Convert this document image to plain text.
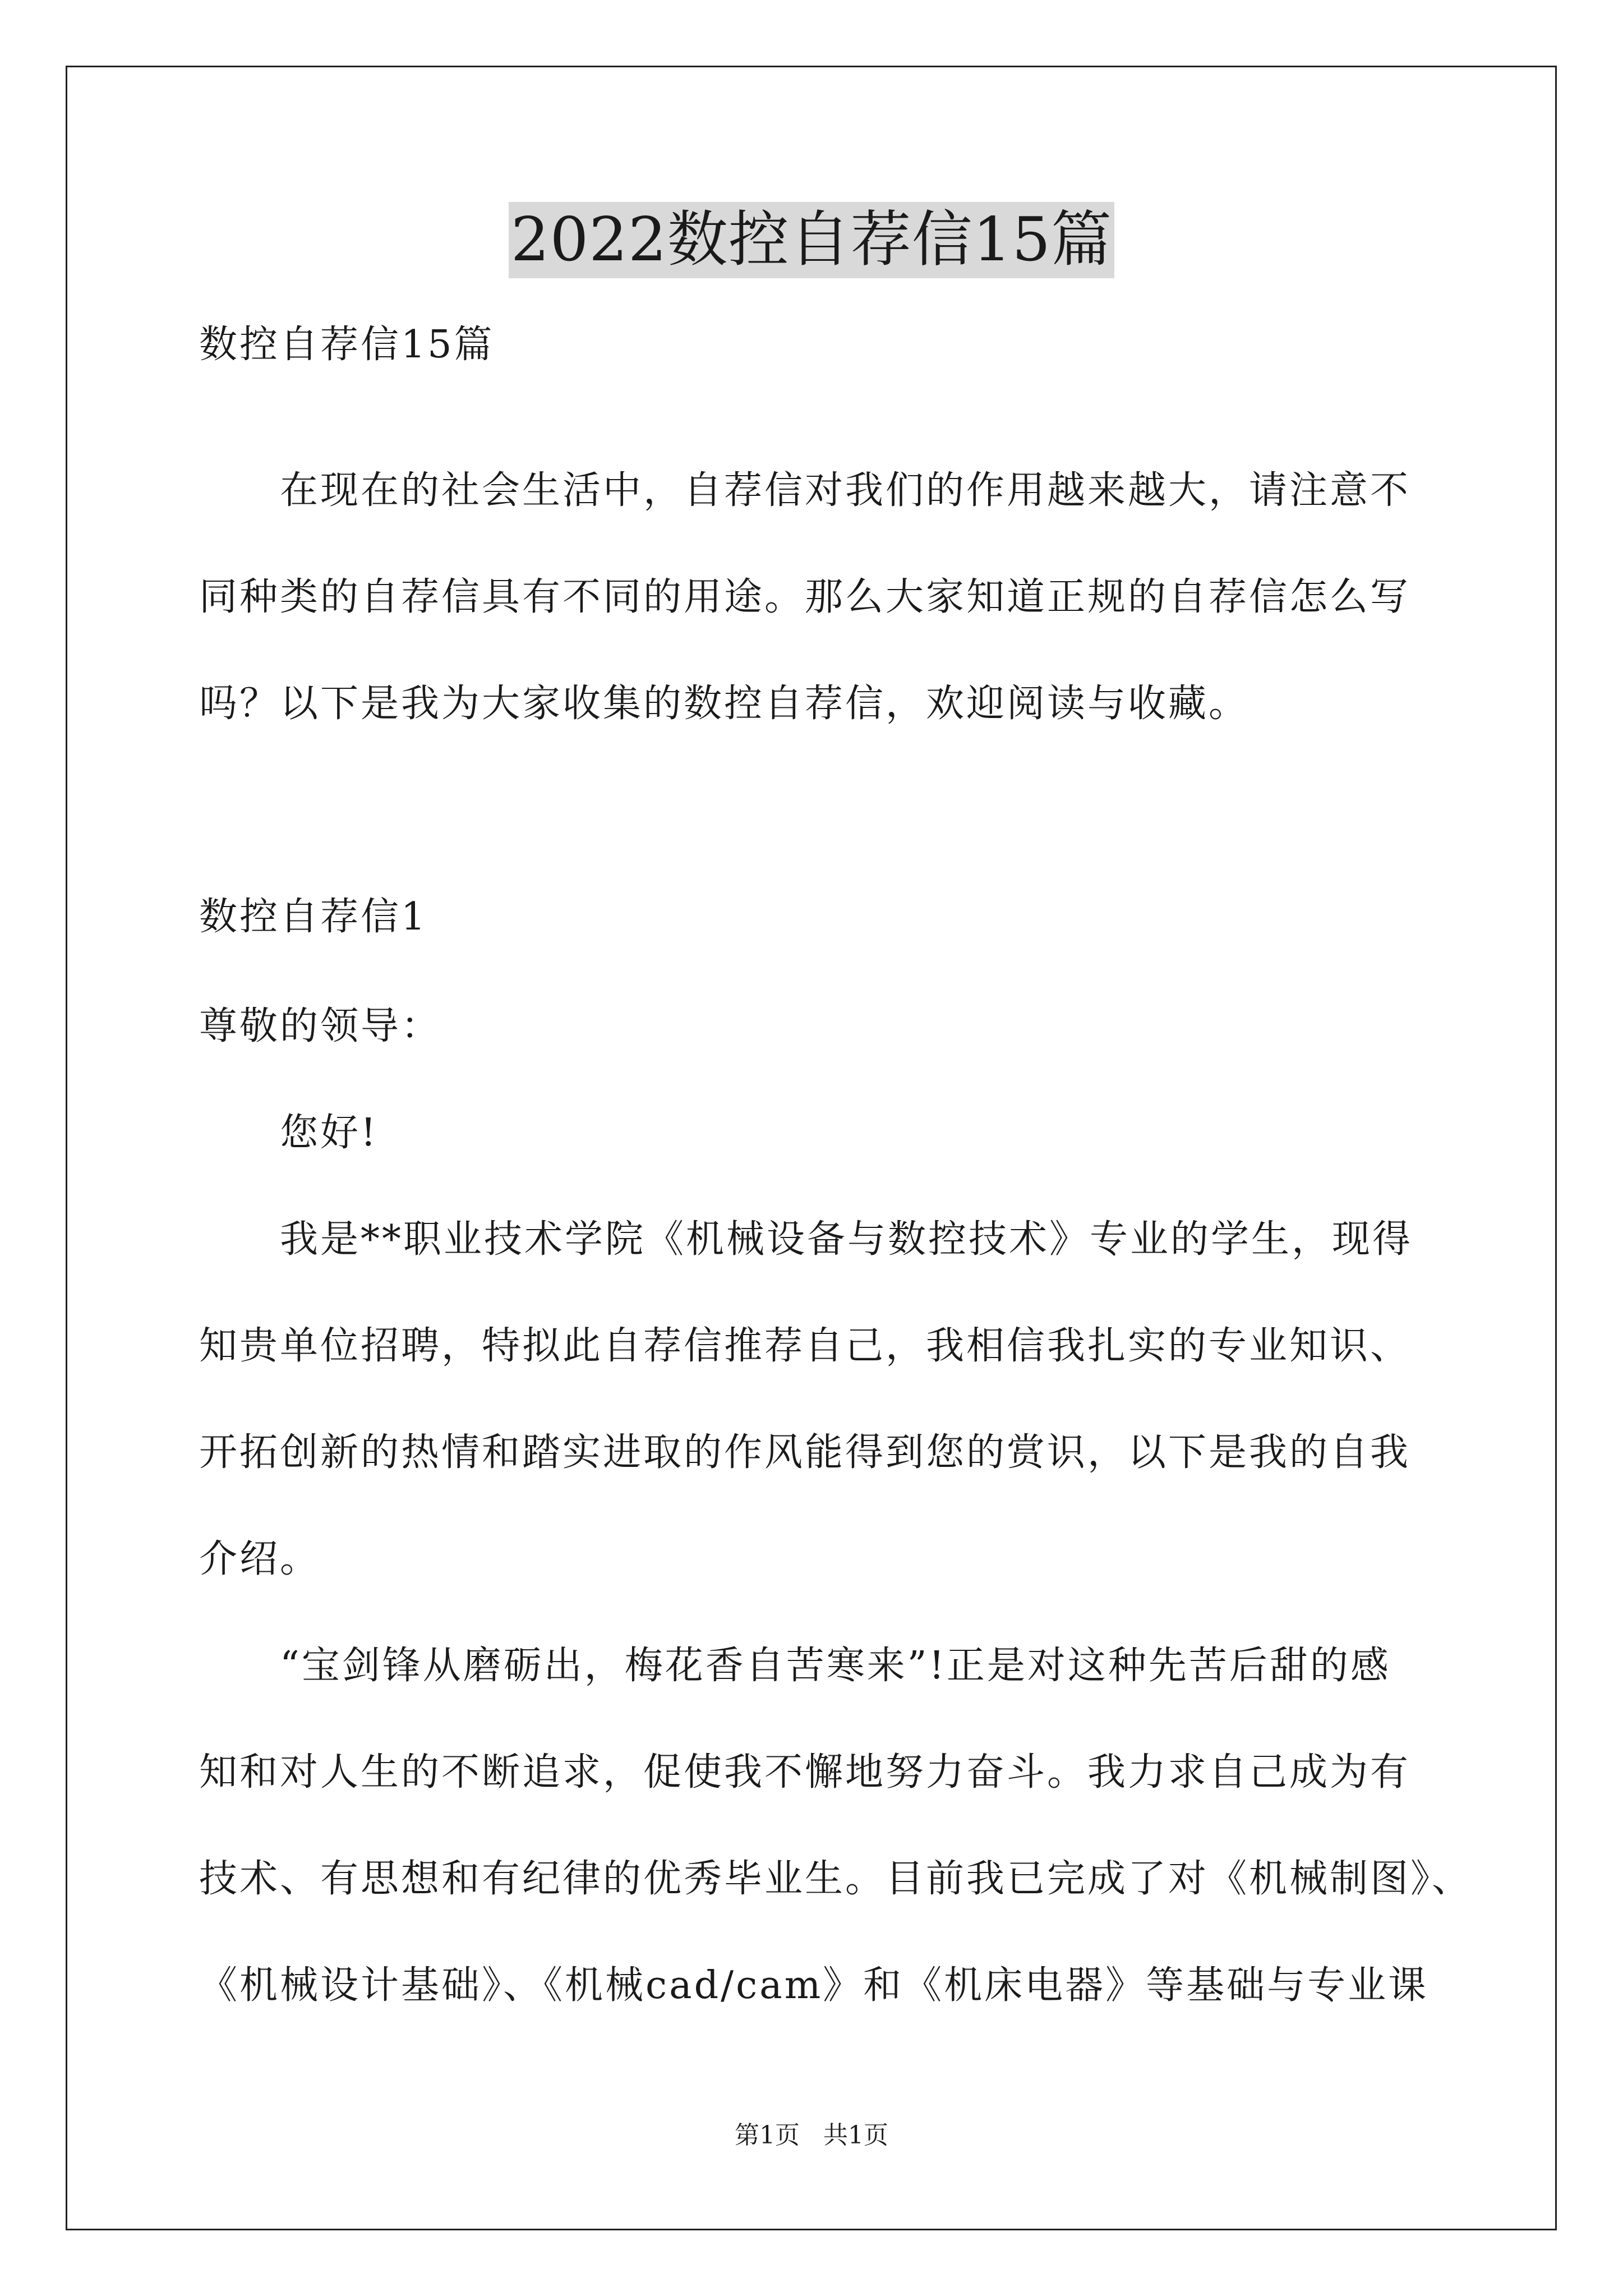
2022数控自荐信15篇
数控自荐信15篇
　　在现在的社会生活中，自荐信对我们的作用越来越大，请注意不
同种类的自荐信具有不同的用途。那么大家知道正规的自荐信怎么写
吗？以下是我为大家收集的数控自荐信，欢迎阅读与收藏。
数控自荐信1
尊敬的领导：
　　您好!
　　我是**职业技术学院《机械设备与数控技术》专业的学生，现得
知贵单位招聘，特拟此自荐信推荐自己，我相信我扎实的专业知识、
开拓创新的热情和踏实进取的作风能得到您的赏识，以下是我的自我
介绍。
　　“宝剑锋从磨砺出，梅花香自苦寒来”!正是对这种先苦后甜的感
知和对人生的不断追求，促使我不懈地努力奋斗。我力求自己成为有
技术、有思想和有纪律的优秀毕业生。目前我已完成了对《机械制图》、
《机械设计基础》、《机械cad/cam》和《机床电器》等基础与专业课
第1页 共1页
